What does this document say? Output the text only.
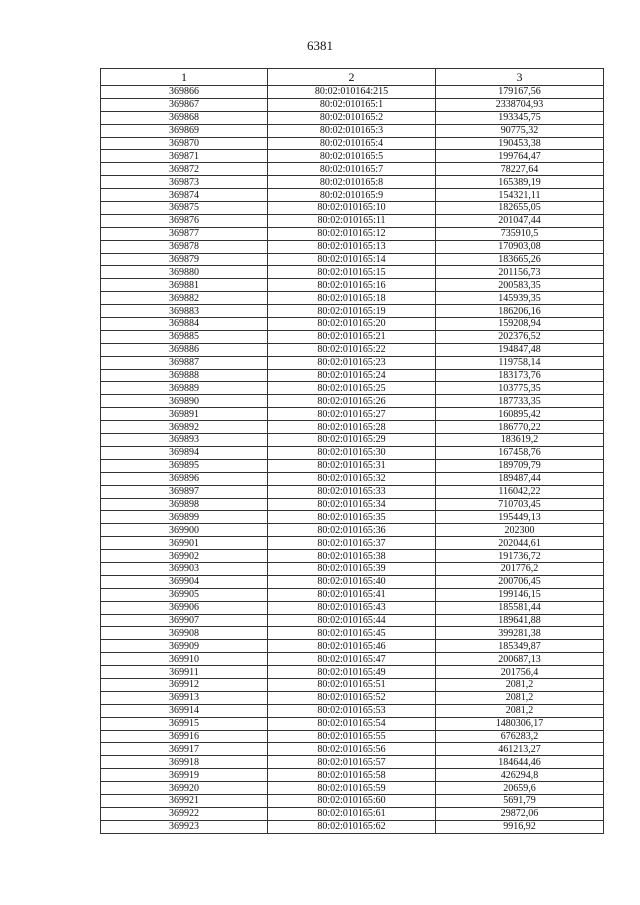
6381
1	2	3
369866	80:02:010164:215	179167,56
369867	80:02:010165:1	2338704,93
369868	80:02:010165:2	193345,75
369869	80:02:010165:3	90775,32
369870	80:02:010165:4	190453,38
369871	80:02:010165:5	199764,47
369872	80:02:010165:7	78227,64
369873	80:02:010165:8	165389,19
369874	80:02:010165:9	154321,11
369875	80:02:010165:10	182655,05
369876	80:02:010165:11	201047,44
369877	80:02:010165:12	735910,5
369878	80:02:010165:13	170903,08
369879	80:02:010165:14	183665,26
369880	80:02:010165:15	201156,73
369881	80:02:010165:16	200583,35
369882	80:02:010165:18	145939,35
369883	80:02:010165:19	186206,16
369884	80:02:010165:20	159208,94
369885	80:02:010165:21	202376,52
369886	80:02:010165:22	194847,48
369887	80:02:010165:23	119758,14
369888	80:02:010165:24	183173,76
369889	80:02:010165:25	103775,35
369890	80:02:010165:26	187733,35
369891	80:02:010165:27	160895,42
369892	80:02:010165:28	186770,22
369893	80:02:010165:29	183619,2
369894	80:02:010165:30	167458,76
369895	80:02:010165:31	189709,79
369896	80:02:010165:32	189487,44
369897	80:02:010165:33	116042,22
369898	80:02:010165:34	710703,45
369899	80:02:010165:35	195449,13
369900	80:02:010165:36	202300
369901	80:02:010165:37	202044,61
369902	80:02:010165:38	191736,72
369903	80:02:010165:39	201776,2
369904	80:02:010165:40	200706,45
369905	80:02:010165:41	199146,15
369906	80:02:010165:43	185581,44
369907	80:02:010165:44	189641,88
369908	80:02:010165:45	399281,38
369909	80:02:010165:46	185349,87
369910	80:02:010165:47	200687,13
369911	80:02:010165:49	201756,4
369912	80:02:010165:51	2081,2
369913	80:02:010165:52	2081,2
369914	80:02:010165:53	2081,2
369915	80:02:010165:54	1480306,17
369916	80:02:010165:55	676283,2
369917	80:02:010165:56	461213,27
369918	80:02:010165:57	184644,46
369919	80:02:010165:58	426294,8
369920	80:02:010165:59	20659,6
369921	80:02:010165:60	5691,79
369922	80:02:010165:61	29872,06
369923	80:02:010165:62	9916,92
